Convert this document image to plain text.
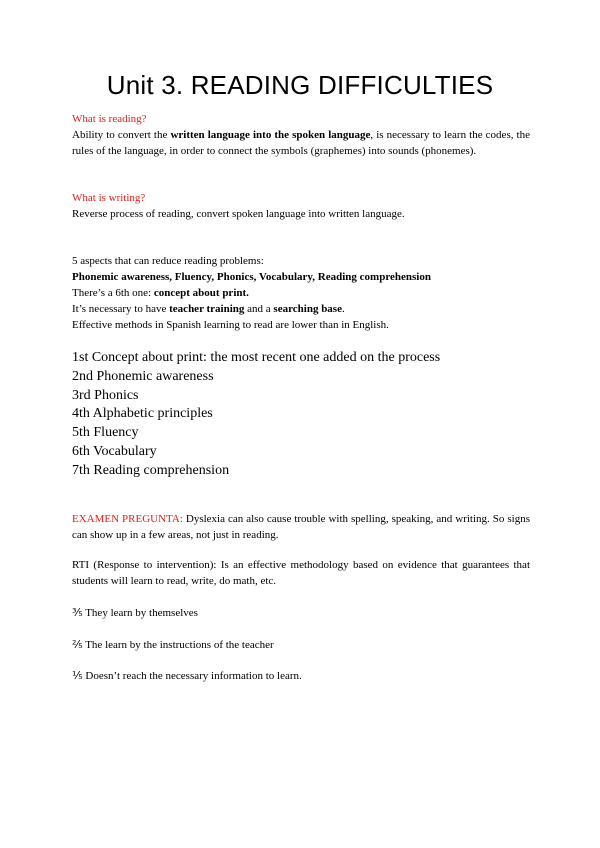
Unit 3. READING DIFFICULTIES
What is reading?
Ability to convert the written language into the spoken language, is necessary to learn the codes, the rules of the language, in order to connect the symbols (graphemes) into sounds (phonemes).
What is writing?
Reverse process of reading, convert spoken language into written language.
5 aspects that can reduce reading problems:
Phonemic awareness, Fluency, Phonics, Vocabulary, Reading comprehension
There’s a 6th one: concept about print.
It’s necessary to have teacher training and a searching base.
Effective methods in Spanish learning to read are lower than in English.
1st Concept about print: the most recent one added on the process
2nd Phonemic awareness
3rd Phonics
4th Alphabetic principles
5th Fluency
6th Vocabulary
7th Reading comprehension
EXAMEN PREGUNTA: Dyslexia can also cause trouble with spelling, speaking, and writing. So signs can show up in a few areas, not just in reading.
RTI (Response to intervention): Is an effective methodology based on evidence that guarantees that students will learn to read, write, do math, etc.
⅗ They learn by themselves
⅖ The learn by the instructions of the teacher
⅕ Doesn’t reach the necessary information to learn.
